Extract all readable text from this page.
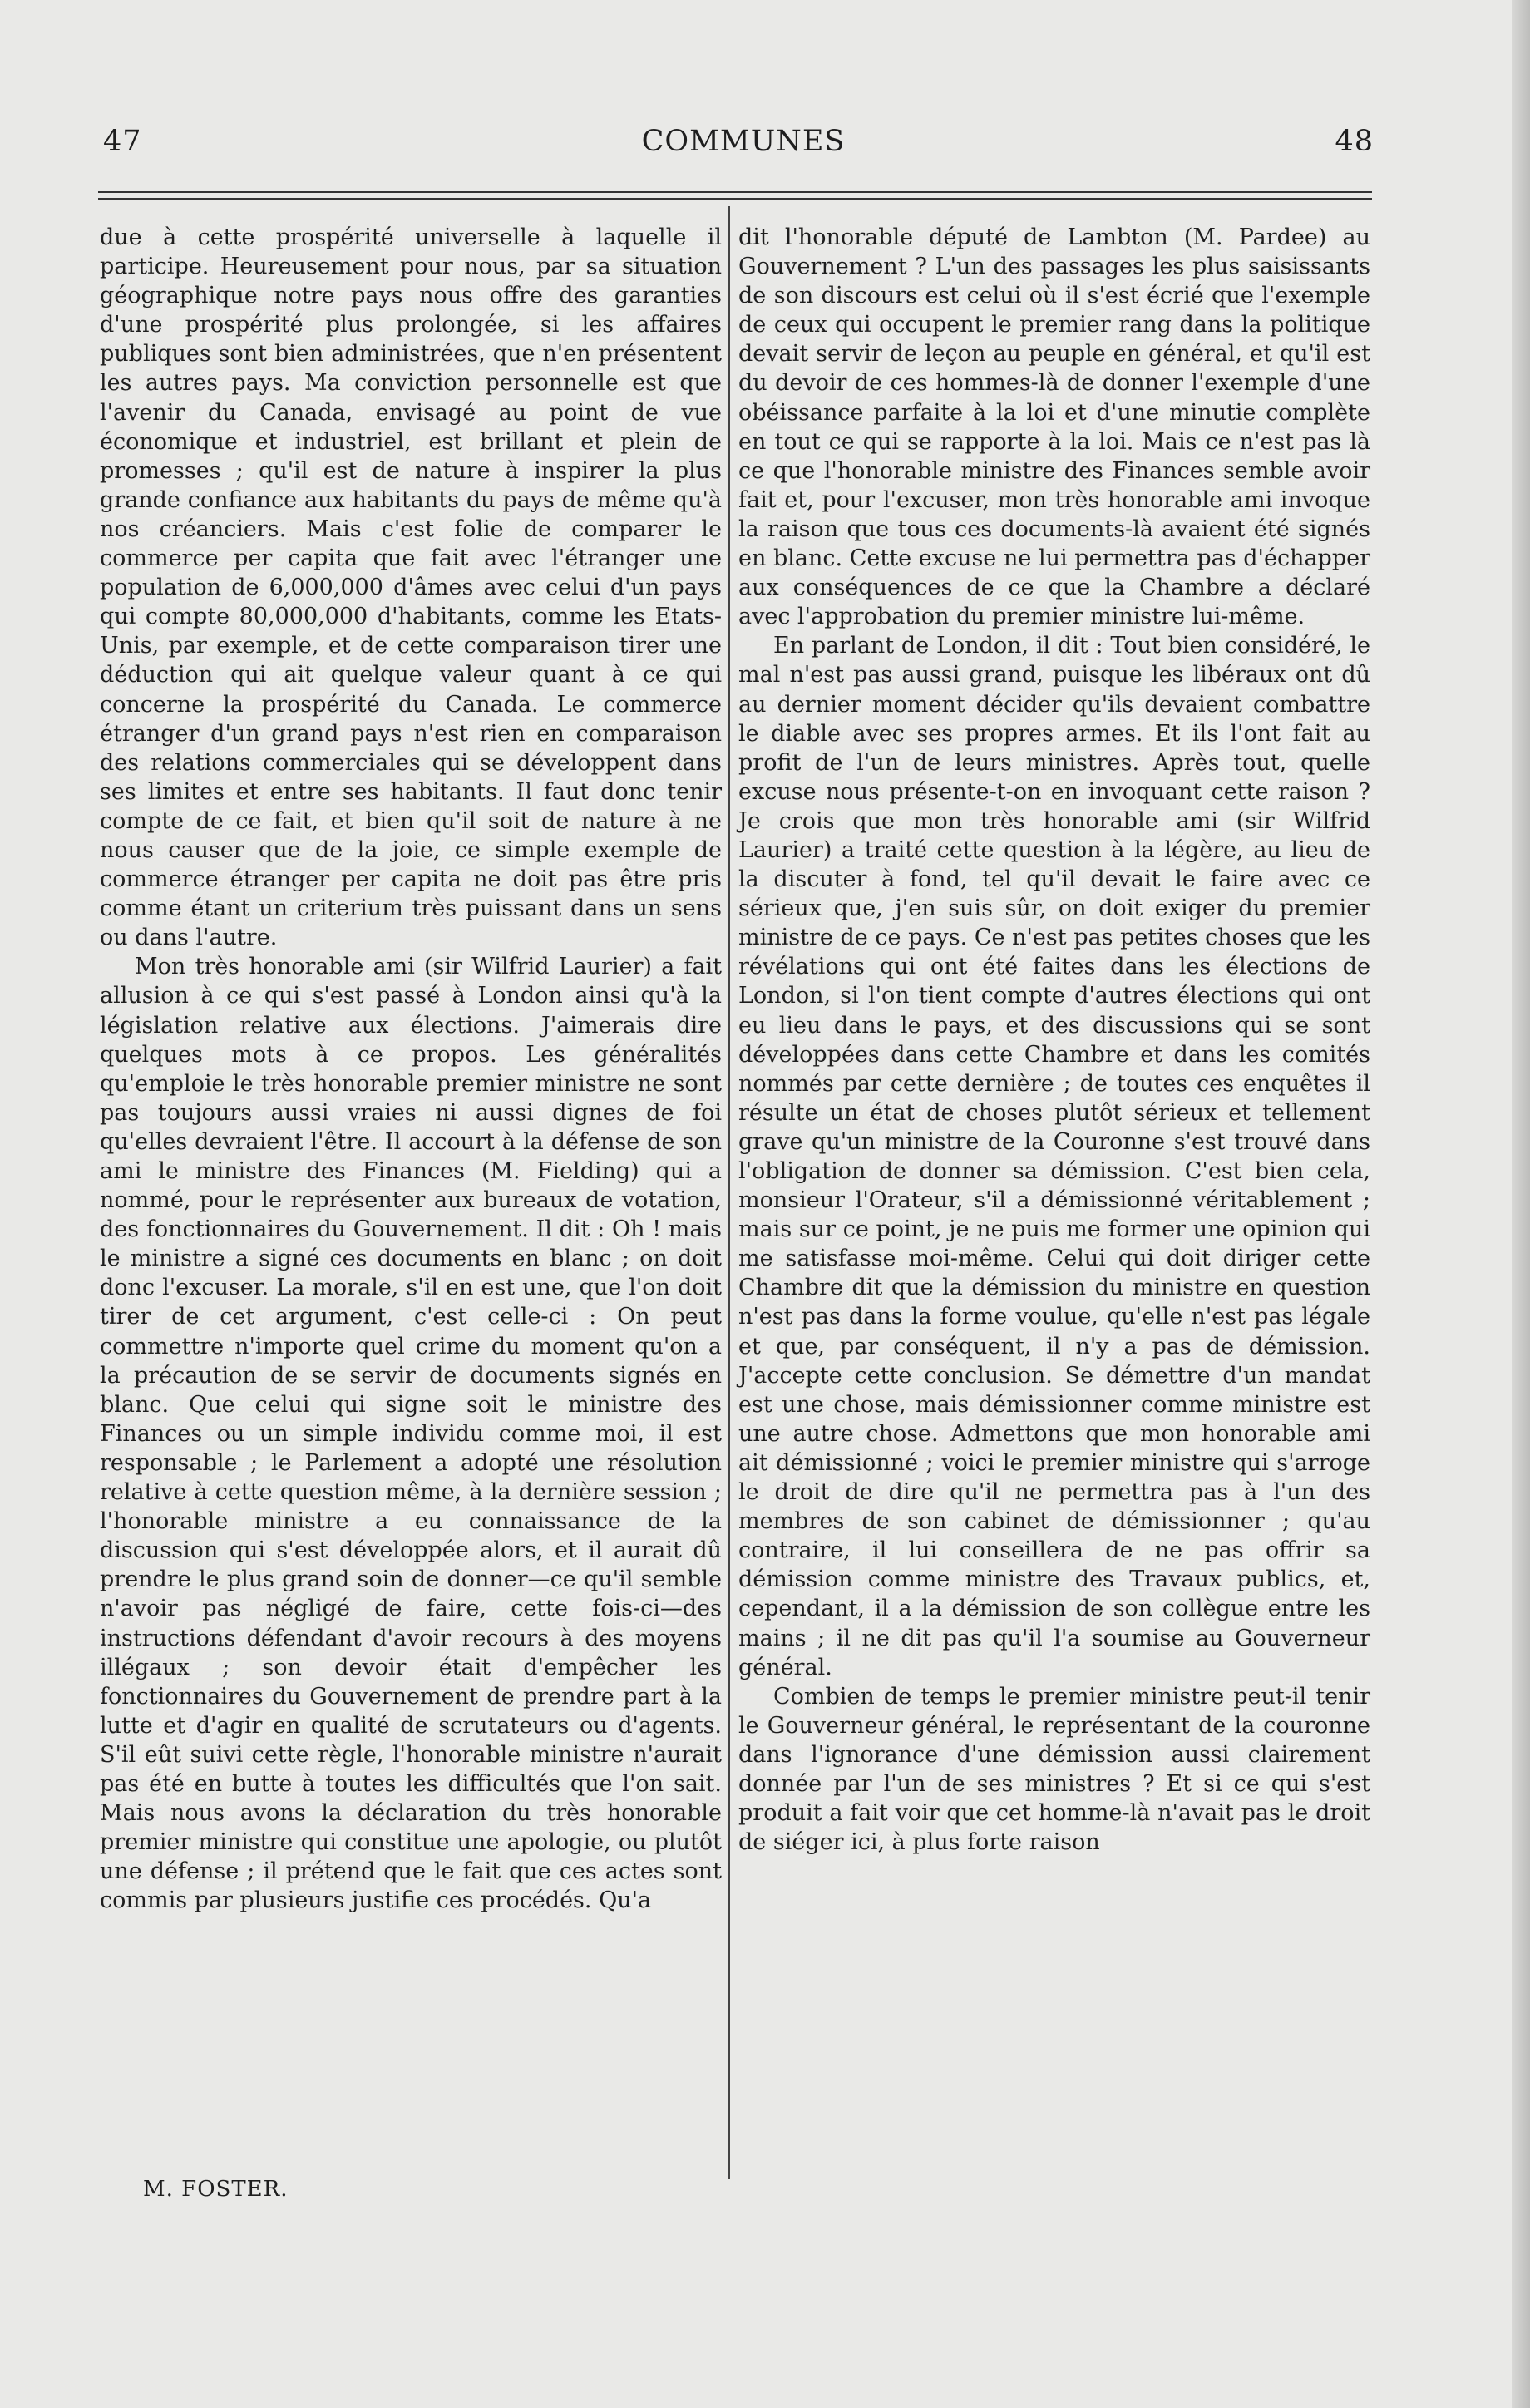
47	COMMUNES	48

due à cette prospérité universelle à laquelle il participe. Heureusement pour nous, par sa situation géographique notre pays nous offre des garanties d'une prospérité plus prolongée, si les affaires publiques sont bien administrées, que n'en présentent les autres pays. Ma conviction personnelle est que l'avenir du Canada, envisagé au point de vue économique et industriel, est brillant et plein de promesses ; qu'il est de nature à inspirer la plus grande confiance aux habitants du pays de même qu'à nos créanciers. Mais c'est folie de comparer le commerce per capita que fait avec l'étranger une population de 6,000,000 d'âmes avec celui d'un pays qui compte 80,000,000 d'habitants, comme les Etats-Unis, par exemple, et de cette comparaison tirer une déduction qui ait quelque valeur quant à ce qui concerne la prospérité du Canada. Le commerce étranger d'un grand pays n'est rien en comparaison des relations commerciales qui se développent dans ses limites et entre ses habitants. Il faut donc tenir compte de ce fait, et bien qu'il soit de nature à ne nous causer que de la joie, ce simple exemple de commerce étranger per capita ne doit pas être pris comme étant un criterium très puissant dans un sens ou dans l'autre.

Mon très honorable ami (sir Wilfrid Laurier) a fait allusion à ce qui s'est passé à London ainsi qu'à la législation relative aux élections. J'aimerais dire quelques mots à ce propos. Les généralités qu'emploie le très honorable premier ministre ne sont pas toujours aussi vraies ni aussi dignes de foi qu'elles devraient l'être. Il accourt à la défense de son ami le ministre des Finances (M. Fielding) qui a nommé, pour le représenter aux bureaux de votation, des fonctionnaires du Gouvernement. Il dit : Oh ! mais le ministre a signé ces documents en blanc ; on doit donc l'excuser. La morale, s'il en est une, que l'on doit tirer de cet argument, c'est celle-ci : On peut commettre n'importe quel crime du moment qu'on a la précaution de se servir de documents signés en blanc. Que celui qui signe soit le ministre des Finances ou un simple individu comme moi, il est responsable ; le Parlement a adopté une résolution relative à cette question même, à la dernière session ; l'honorable ministre a eu connaissance de la discussion qui s'est développée alors, et il aurait dû prendre le plus grand soin de donner—ce qu'il semble n'avoir pas négligé de faire, cette fois-ci—des instructions défendant d'avoir recours à des moyens illégaux ; son devoir était d'empêcher les fonctionnaires du Gouvernement de prendre part à la lutte et d'agir en qualité de scrutateurs ou d'agents. S'il eût suivi cette règle, l'honorable ministre n'aurait pas été en butte à toutes les difficultés que l'on sait. Mais nous avons la déclaration du très honorable premier ministre qui constitue une apologie, ou plutôt une défense ; il prétend que le fait que ces actes sont commis par plusieurs justifie ces procédés. Qu'a

dit l'honorable député de Lambton (M. Pardee) au Gouvernement ? L'un des passages les plus saisissants de son discours est celui où il s'est écrié que l'exemple de ceux qui occupent le premier rang dans la politique devait servir de leçon au peuple en général, et qu'il est du devoir de ces hommes-là de donner l'exemple d'une obéissance parfaite à la loi et d'une minutie complète en tout ce qui se rapporte à la loi. Mais ce n'est pas là ce que l'honorable ministre des Finances semble avoir fait et, pour l'excuser, mon très honorable ami invoque la raison que tous ces documents-là avaient été signés en blanc. Cette excuse ne lui permettra pas d'échapper aux conséquences de ce que la Chambre a déclaré avec l'approbation du premier ministre lui-même.

En parlant de London, il dit : Tout bien considéré, le mal n'est pas aussi grand, puisque les libéraux ont dû au dernier moment décider qu'ils devaient combattre le diable avec ses propres armes. Et ils l'ont fait au profit de l'un de leurs ministres. Après tout, quelle excuse nous présente-t-on en invoquant cette raison ? Je crois que mon très honorable ami (sir Wilfrid Laurier) a traité cette question à la légère, au lieu de la discuter à fond, tel qu'il devait le faire avec ce sérieux que, j'en suis sûr, on doit exiger du premier ministre de ce pays. Ce n'est pas petites choses que les révélations qui ont été faites dans les élections de London, si l'on tient compte d'autres élections qui ont eu lieu dans le pays, et des discussions qui se sont développées dans cette Chambre et dans les comités nommés par cette dernière ; de toutes ces enquêtes il résulte un état de choses plutôt sérieux et tellement grave qu'un ministre de la Couronne s'est trouvé dans l'obligation de donner sa démission. C'est bien cela, monsieur l'Orateur, s'il a démissionné véritablement ; mais sur ce point, je ne puis me former une opinion qui me satisfasse moi-même. Celui qui doit diriger cette Chambre dit que la démission du ministre en question n'est pas dans la forme voulue, qu'elle n'est pas légale et que, par conséquent, il n'y a pas de démission. J'accepte cette conclusion. Se démettre d'un mandat est une chose, mais démissionner comme ministre est une autre chose. Admettons que mon honorable ami ait démissionné ; voici le premier ministre qui s'arroge le droit de dire qu'il ne permettra pas à l'un des membres de son cabinet de démissionner ; qu'au contraire, il lui conseillera de ne pas offrir sa démission comme ministre des Travaux publics, et, cependant, il a la démission de son collègue entre les mains ; il ne dit pas qu'il l'a soumise au Gouverneur général.

Combien de temps le premier ministre peut-il tenir le Gouverneur général, le représentant de la couronne dans l'ignorance d'une démission aussi clairement donnée par l'un de ses ministres ? Et si ce qui s'est produit a fait voir que cet homme-là n'avait pas le droit de siéger ici, à plus forte raison

M. FOSTER.
